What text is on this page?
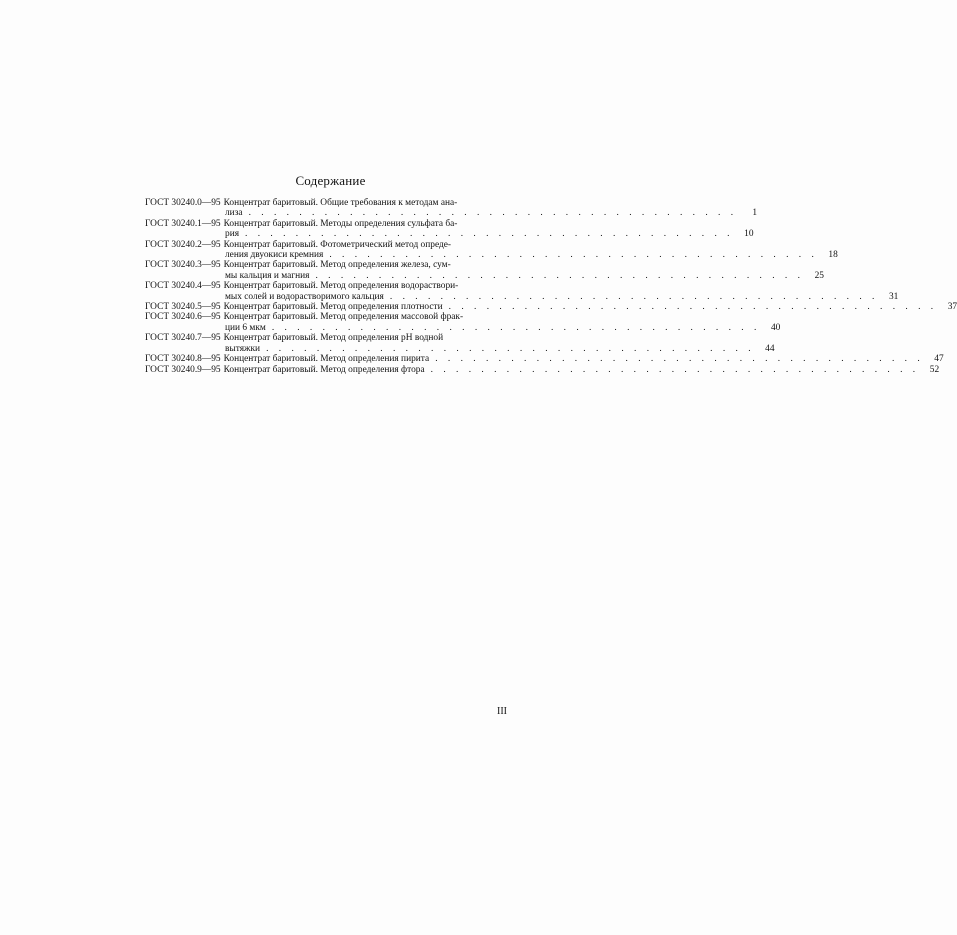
Содержание
ГОСТ 30240.0—95 Концентрат баритовый. Общие требования к методам ана-
лиза . . . . . . . . . . . . . . . . . . . . . . . . . . . . . . . . . . . . . . .	1
ГОСТ 30240.1—95 Концентрат баритовый. Методы определения сульфата ба-
рия . . . . . . . . . . . . . . . . . . . . . . . . . . . . . . . . . . . . . . .	10
ГОСТ 30240.2—95 Концентрат баритовый. Фотометрический метод опреде-
ления двуокиси кремния . . . . . . . . . . . . . . . . . . . . . . . . . . . . . . . . . . . . . . .	18
ГОСТ 30240.3—95 Концентрат баритовый. Метод определения железа, сум-
мы кальция и магния . . . . . . . . . . . . . . . . . . . . . . . . . . . . . . . . . . . . . . .	25
ГОСТ 30240.4—95 Концентрат баритовый. Метод определения водораствори-
мых солей и водорастворимого кальция . . . . . . . . . . . . . . . . . . . . . . . . . . . . . . . . . . . . . . .	31
ГОСТ 30240.5—95 Концентрат баритовый. Метод определения плотности . . . . . . . . . . . . . . . . . . . . . . . . . . . . . . . . . . . . . . .	37
ГОСТ 30240.6—95 Концентрат баритовый. Метод определения массовой фрак-
ции 6 мкм . . . . . . . . . . . . . . . . . . . . . . . . . . . . . . . . . . . . . . .	40
ГОСТ 30240.7—95 Концентрат баритовый. Метод определения рН водной
вытяжки . . . . . . . . . . . . . . . . . . . . . . . . . . . . . . . . . . . . . . .	44
ГОСТ 30240.8—95 Концентрат баритовый. Метод определения пирита . . . . . . . . . . . . . . . . . . . . . . . . . . . . . . . . . . . . . . .	47
ГОСТ 30240.9—95 Концентрат баритовый. Метод определения фтора . . . . . . . . . . . . . . . . . . . . . . . . . . . . . . . . . . . . . . .	52
III
